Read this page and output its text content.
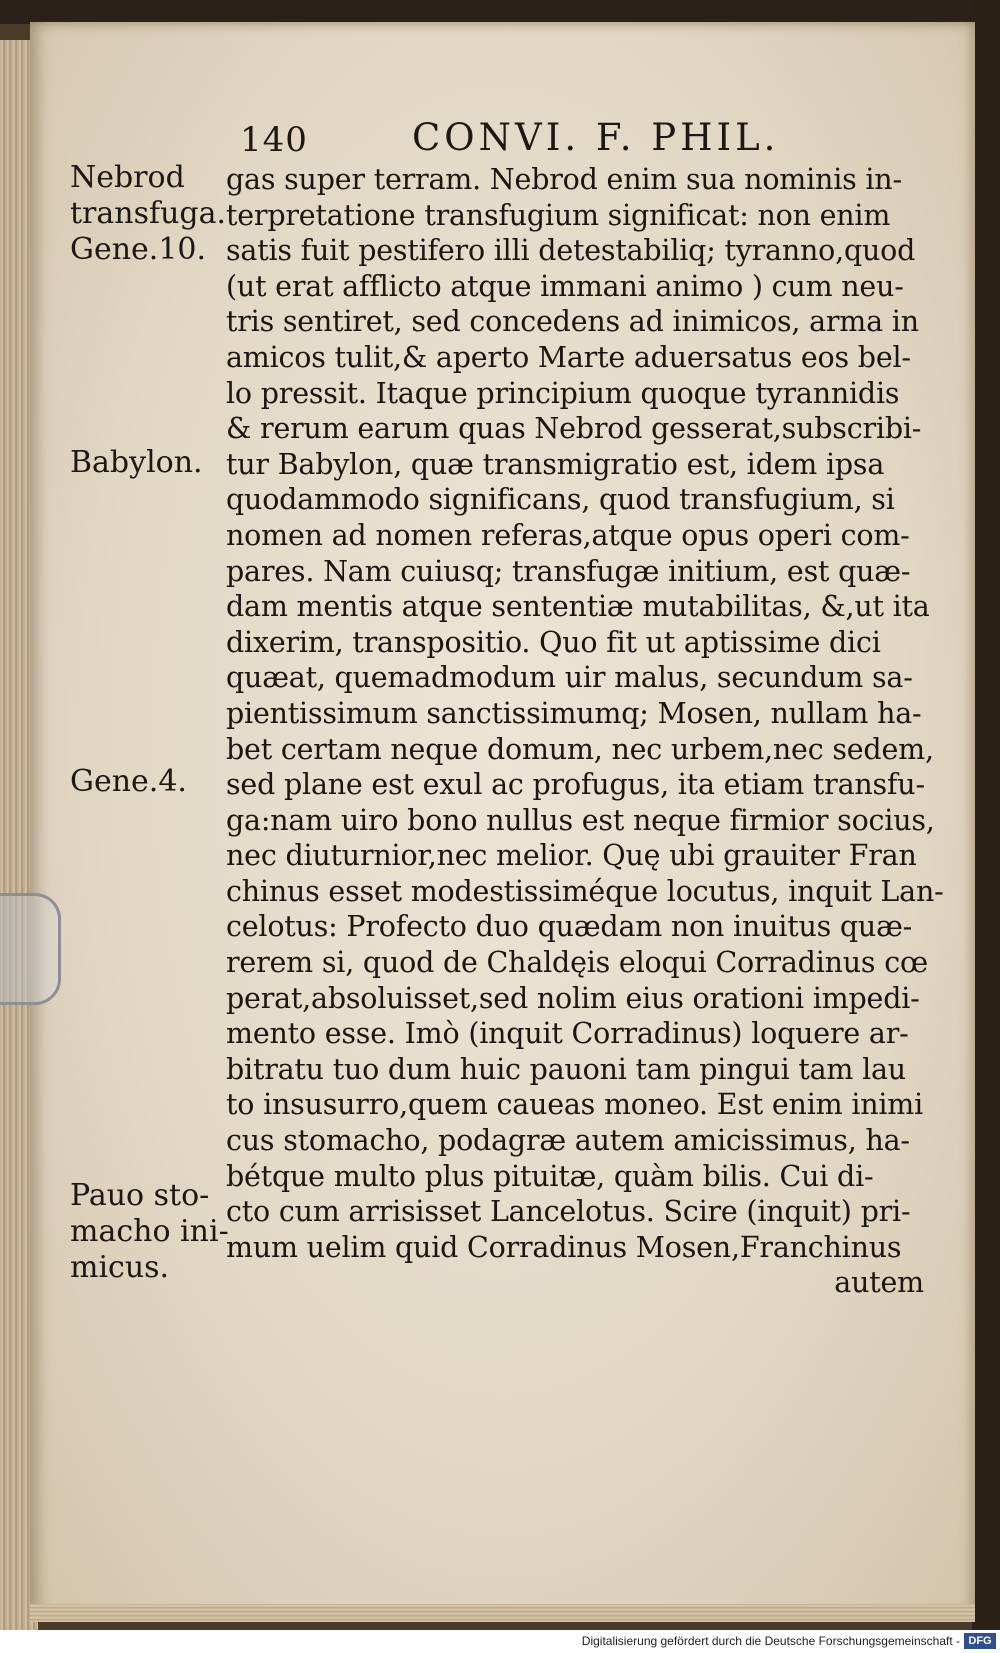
140	CONVI. F. PHIL.
Nebrod
transfuga.
Gene.10.
Babylon.
Gene.4.
Pauo sto-
macho ini-
micus.
gas super terram. Nebrod enim sua nominis in-
terpretatione transfugium significat: non enim
satis fuit pestifero illi detestabiliq; tyranno,quod
(ut erat afflicto atque immani animo ) cum neu-
tris sentiret, sed concedens ad inimicos, arma in
amicos tulit,& aperto Marte aduersatus eos bel-
lo pressit. Itaque principium quoque tyrannidis
& rerum earum quas Nebrod gesserat,subscribi-
tur Babylon, quæ transmigratio est, idem ipsa
quodammodo significans, quod transfugium, si
nomen ad nomen referas,atque opus operi com-
pares. Nam cuiusq; transfugæ initium, est quæ-
dam mentis atque sententiæ mutabilitas, &,ut ita
dixerim, transpositio. Quo fit ut aptissime dici
quæat, quemadmodum uir malus, secundum sa-
pientissimum sanctissimumq; Mosen, nullam ha-
bet certam neque domum, nec urbem,nec sedem,
sed plane est exul ac profugus, ita etiam transfu-
ga:nam uiro bono nullus est neque firmior socius,
nec diuturnior,nec melior. Quę ubi grauiter Fran
chinus esset modestissiméque locutus, inquit Lan-
celotus: Profecto duo quædam non inuitus quæ-
rerem si, quod de Chaldęis eloqui Corradinus cœ
perat,absoluisset,sed nolim eius orationi impedi-
mento esse. Imò (inquit Corradinus) loquere ar-
bitratu tuo dum huic pauoni tam pingui tam lau
to insusurro,quem caueas moneo. Est enim inimi
cus stomacho, podagræ autem amicissimus, ha-
bétque multo plus pituitæ, quàm bilis. Cui di-
cto cum arrisisset Lancelotus. Scire (inquit) pri-
mum uelim quid Corradinus Mosen,Franchinus
autem
Digitalisierung gefördert durch die Deutsche Forschungsgemeinschaft - DFG
